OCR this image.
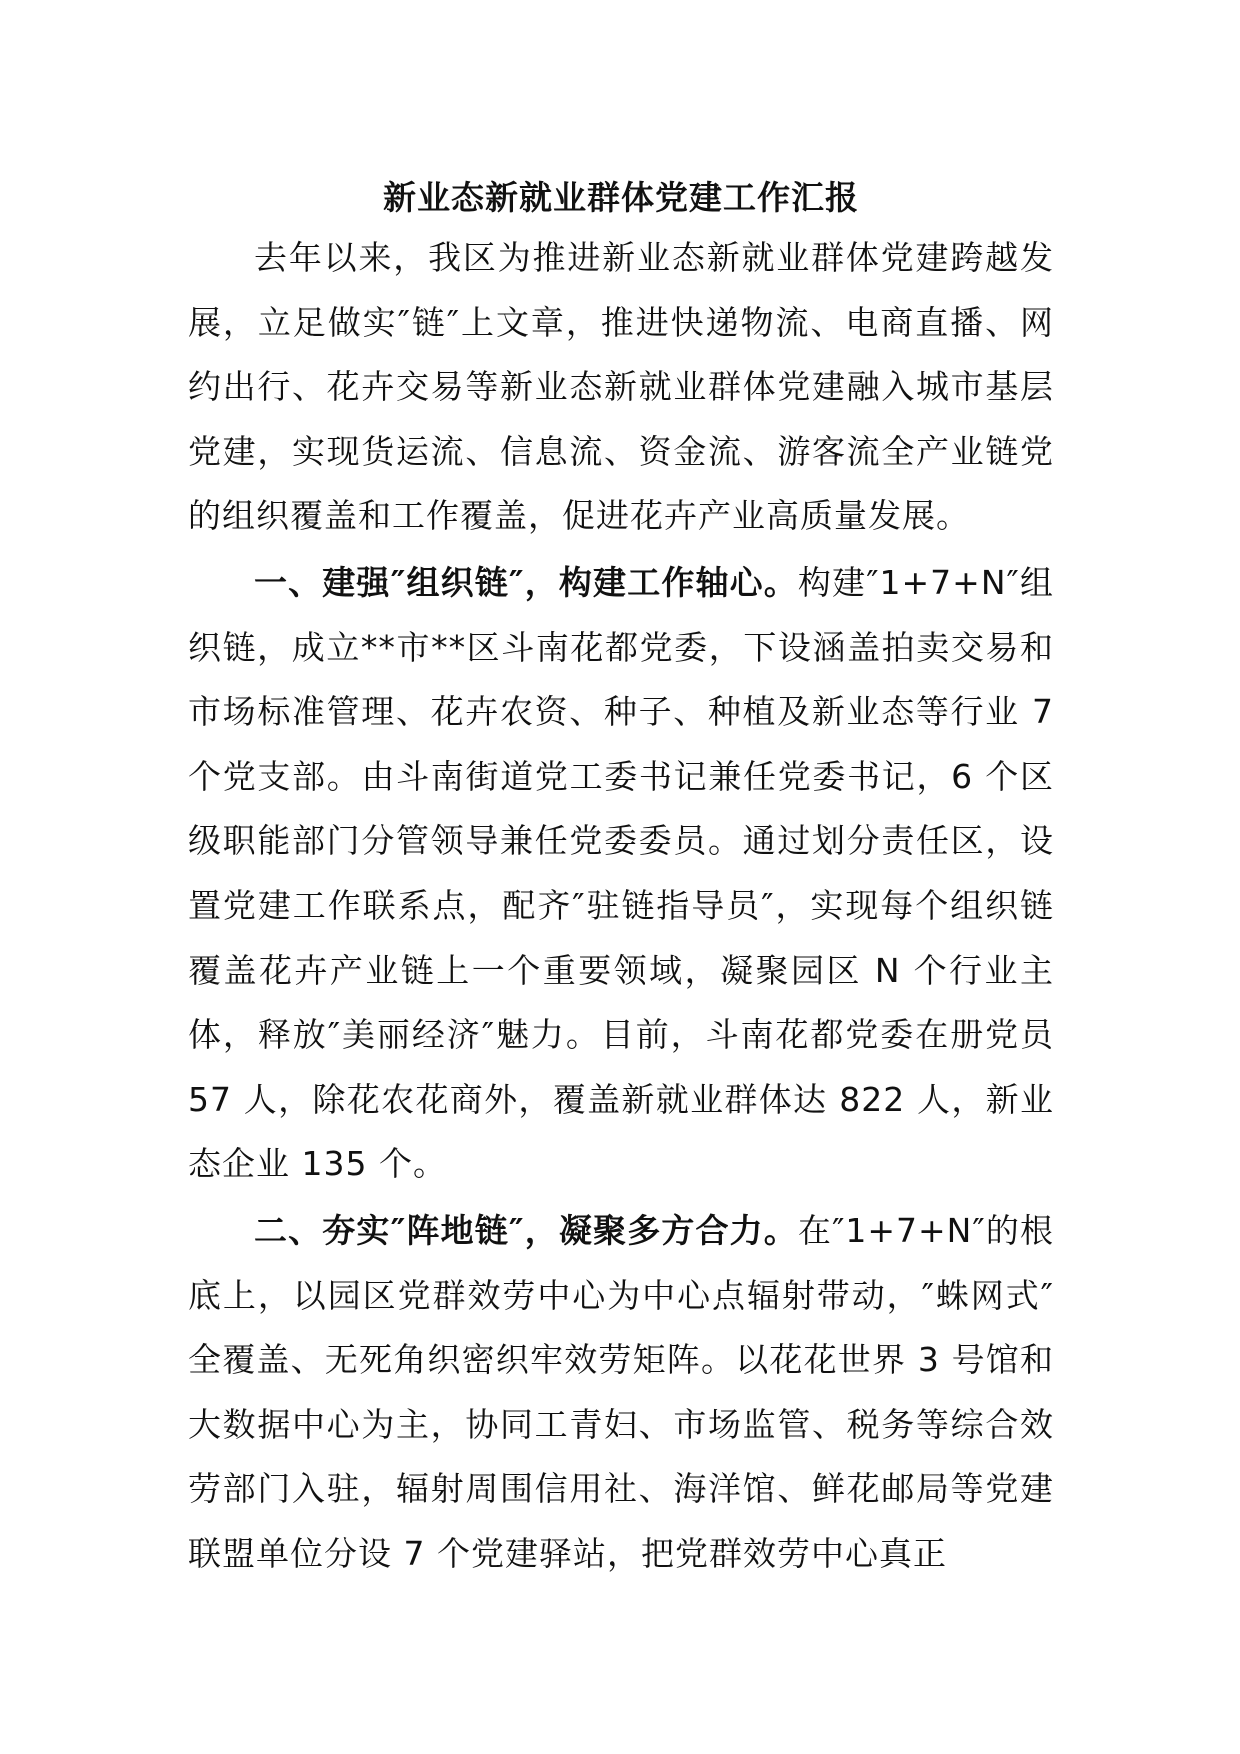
新业态新就业群体党建工作汇报

去年以来，我区为推进新业态新就业群体党建跨越发展，立足做实″链″上文章，推进快递物流、电商直播、网约出行、花卉交易等新业态新就业群体党建融入城市基层党建，实现货运流、信息流、资金流、游客流全产业链党的组织覆盖和工作覆盖，促进花卉产业高质量发展。

一、建强″组织链″，构建工作轴心。构建″1+7+N″组织链，成立**市**区斗南花都党委，下设涵盖拍卖交易和市场标准管理、花卉农资、种子、种植及新业态等行业 7 个党支部。由斗南街道党工委书记兼任党委书记，6 个区级职能部门分管领导兼任党委委员。通过划分责任区，设置党建工作联系点，配齐″驻链指导员″，实现每个组织链覆盖花卉产业链上一个重要领域，凝聚园区 N 个行业主体，释放″美丽经济″魅力。目前，斗南花都党委在册党员 57 人，除花农花商外，覆盖新就业群体达 822 人，新业态企业 135 个。

二、夯实″阵地链″，凝聚多方合力。在″1+7+N″的根底上，以园区党群效劳中心为中心点辐射带动，″蛛网式″全覆盖、无死角织密织牢效劳矩阵。以花花世界 3 号馆和大数据中心为主，协同工青妇、市场监管、税务等综合效劳部门入驻，辐射周围信用社、海洋馆、鲜花邮局等党建联盟单位分设 7 个党建驿站，把党群效劳中心真正
